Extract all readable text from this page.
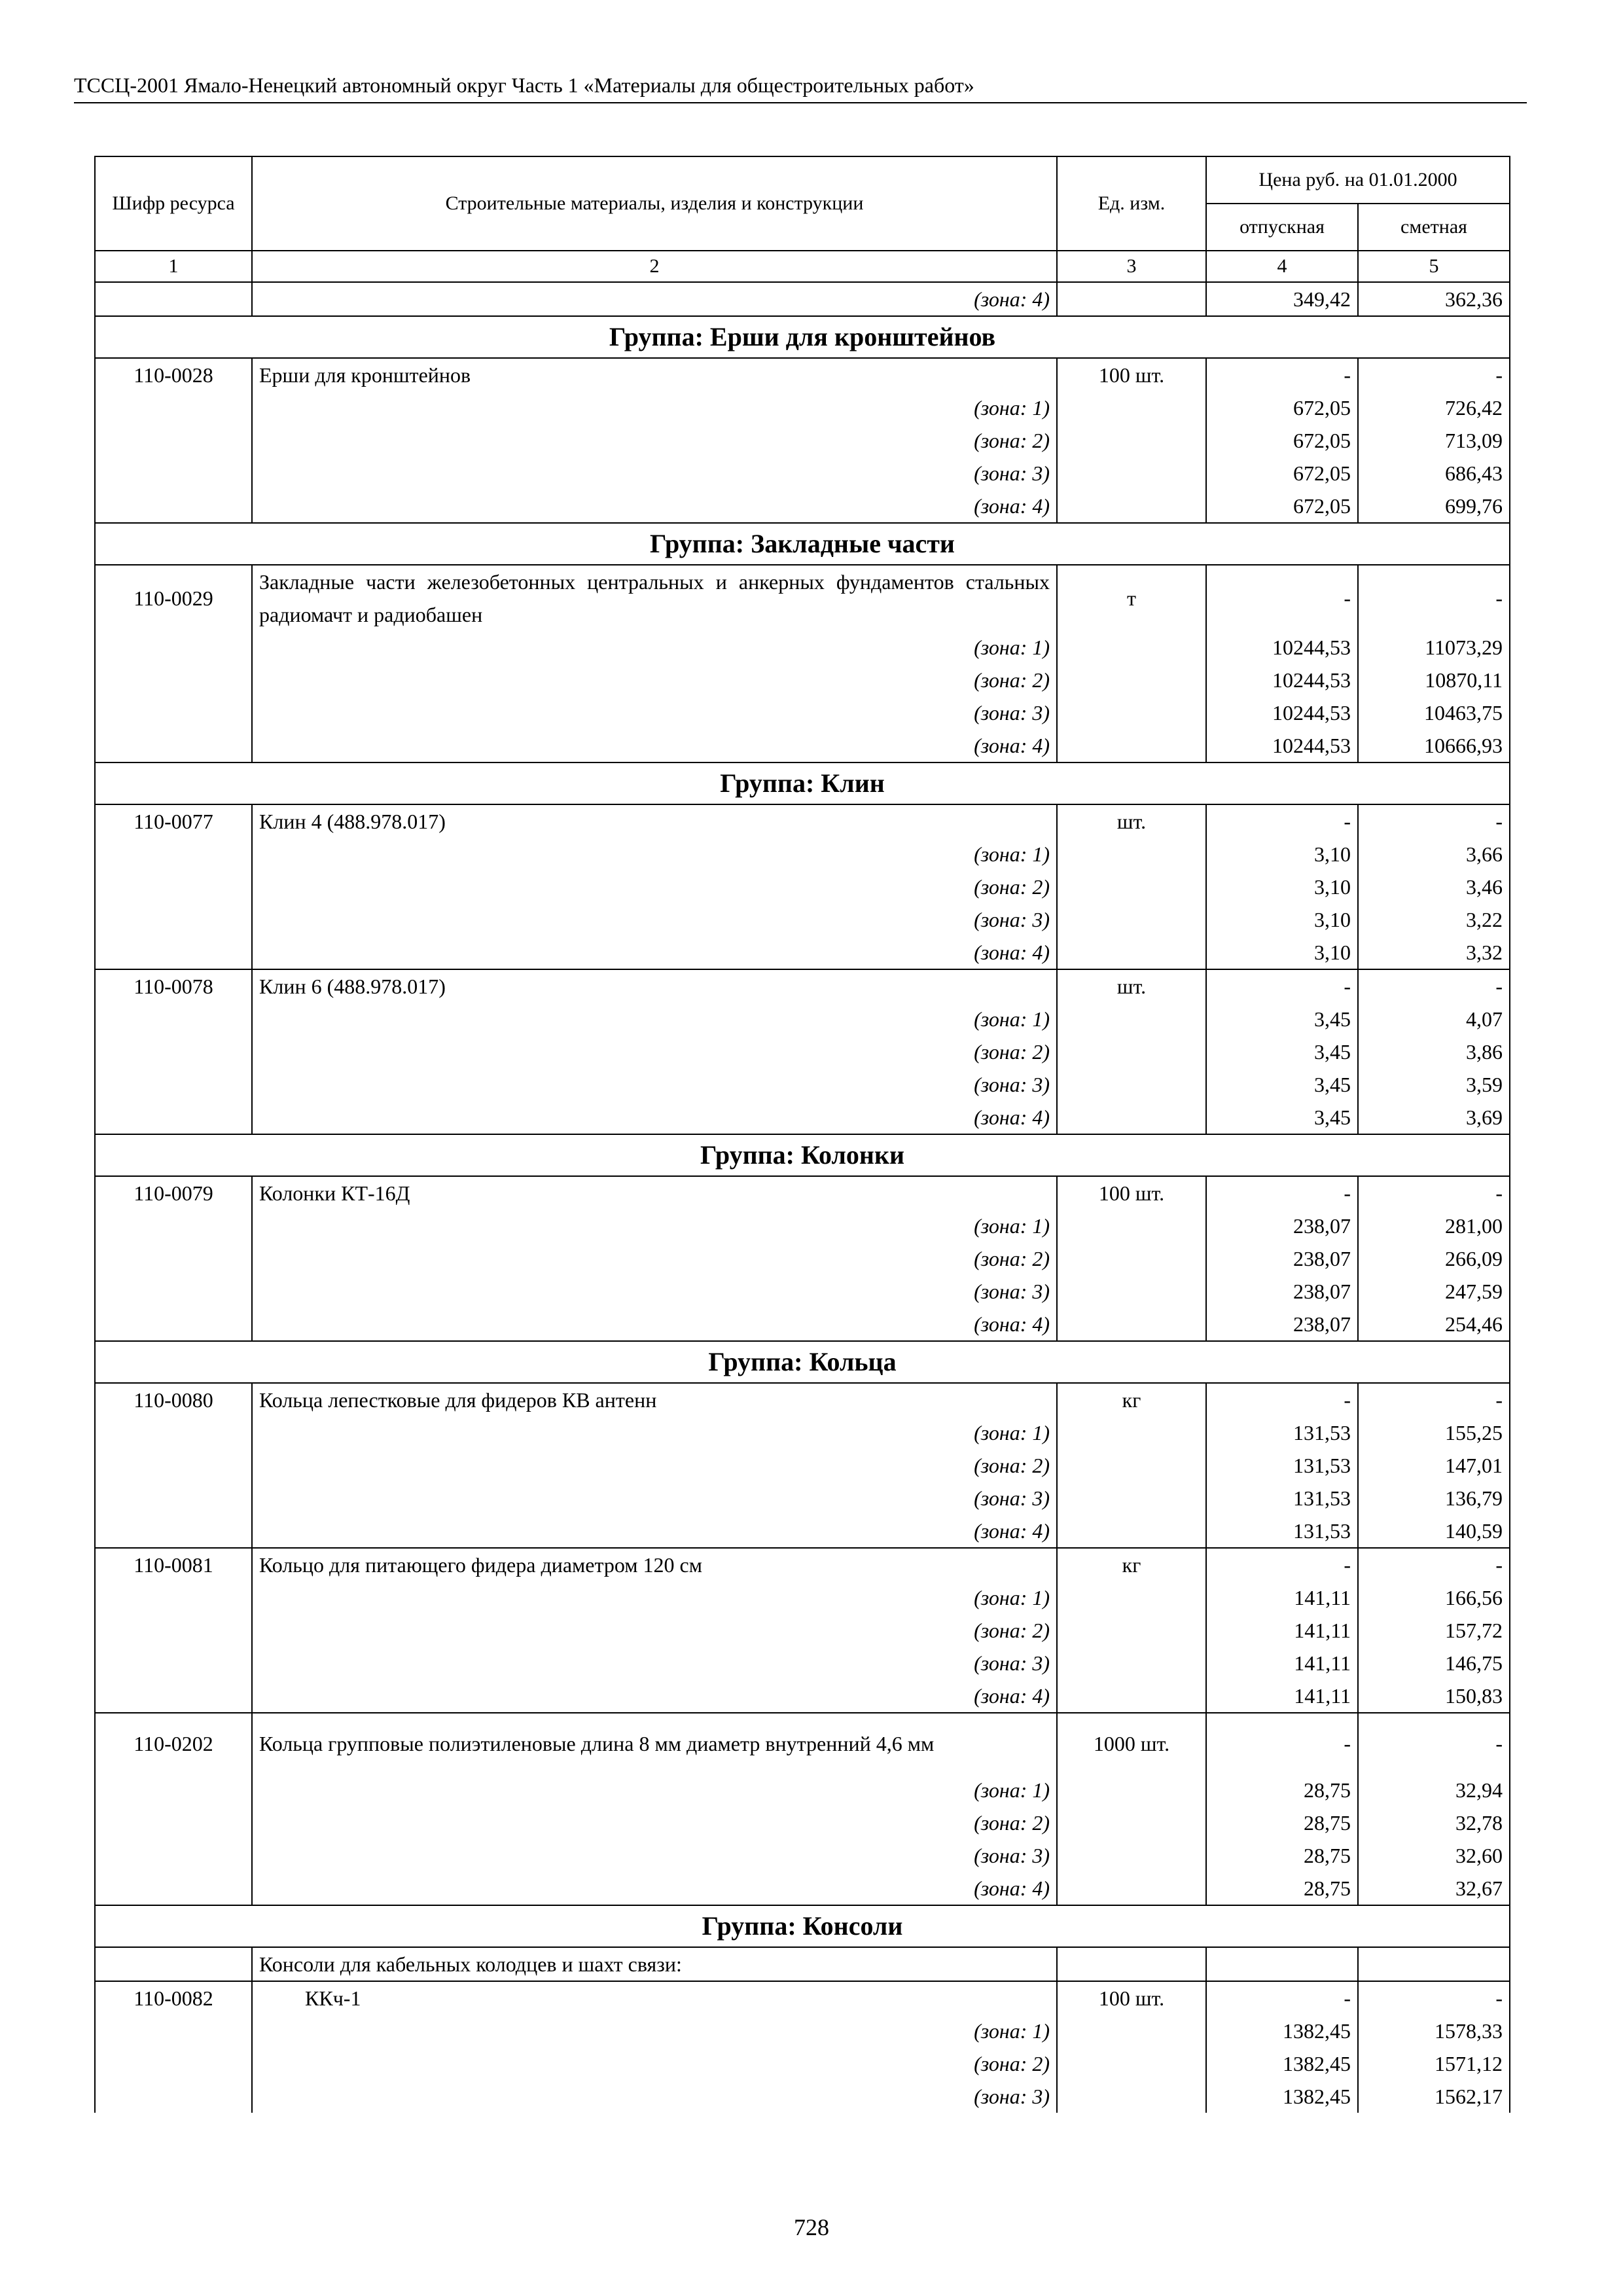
ТССЦ-2001 Ямало-Ненецкий автономный округ Часть 1 «Материалы для общестроительных работ»
Шифр ресурса	Строительные материалы, изделия и конструкции	Ед. изм.	Цена руб. на 01.01.2000	
			отпускная	сметная
1	2	3	4	5
	(зона: 4)		349,42	362,36
Группа: Ерши для кронштейнов				
110-0028	Ерши для кронштейнов	100 шт.	-	-
	(зона: 1)		672,05	726,42
	(зона: 2)		672,05	713,09
	(зона: 3)		672,05	686,43
	(зона: 4)		672,05	699,76
Группа: Закладные части				
110-0029	Закладные части железобетонных центральных и анкерных фундаментов стальных радиомачт и радиобашен	т	-	-
	(зона: 1)		10244,53	11073,29
	(зона: 2)		10244,53	10870,11
	(зона: 3)		10244,53	10463,75
	(зона: 4)		10244,53	10666,93
Группа: Клин				
110-0077	Клин 4 (488.978.017)	шт.	-	-
	(зона: 1)		3,10	3,66
	(зона: 2)		3,10	3,46
	(зона: 3)		3,10	3,22
	(зона: 4)		3,10	3,32
110-0078	Клин 6 (488.978.017)	шт.	-	-
	(зона: 1)		3,45	4,07
	(зона: 2)		3,45	3,86
	(зона: 3)		3,45	3,59
	(зона: 4)		3,45	3,69
Группа: Колонки				
110-0079	Колонки КТ-16Д	100 шт.	-	-
	(зона: 1)		238,07	281,00
	(зона: 2)		238,07	266,09
	(зона: 3)		238,07	247,59
	(зона: 4)		238,07	254,46
Группа: Кольца				
110-0080	Кольца лепестковые для фидеров КВ антенн	кг	-	-
	(зона: 1)		131,53	155,25
	(зона: 2)		131,53	147,01
	(зона: 3)		131,53	136,79
	(зона: 4)		131,53	140,59
110-0081	Кольцо для питающего фидера диаметром 120 см	кг	-	-
	(зона: 1)		141,11	166,56
	(зона: 2)		141,11	157,72
	(зона: 3)		141,11	146,75
	(зона: 4)		141,11	150,83
110-0202	Кольца групповые полиэтиленовые длина 8 мм диаметр внутренний 4,6 мм	1000 шт.	-	-
	(зона: 1)		28,75	32,94
	(зона: 2)		28,75	32,78
	(зона: 3)		28,75	32,60
	(зона: 4)		28,75	32,67
Группа: Консоли				
	Консоли для кабельных колодцев и шахт связи:			
110-0082	ККч-1	100 шт.	-	-
	(зона: 1)		1382,45	1578,33
	(зона: 2)		1382,45	1571,12
	(зона: 3)		1382,45	1562,17
728
